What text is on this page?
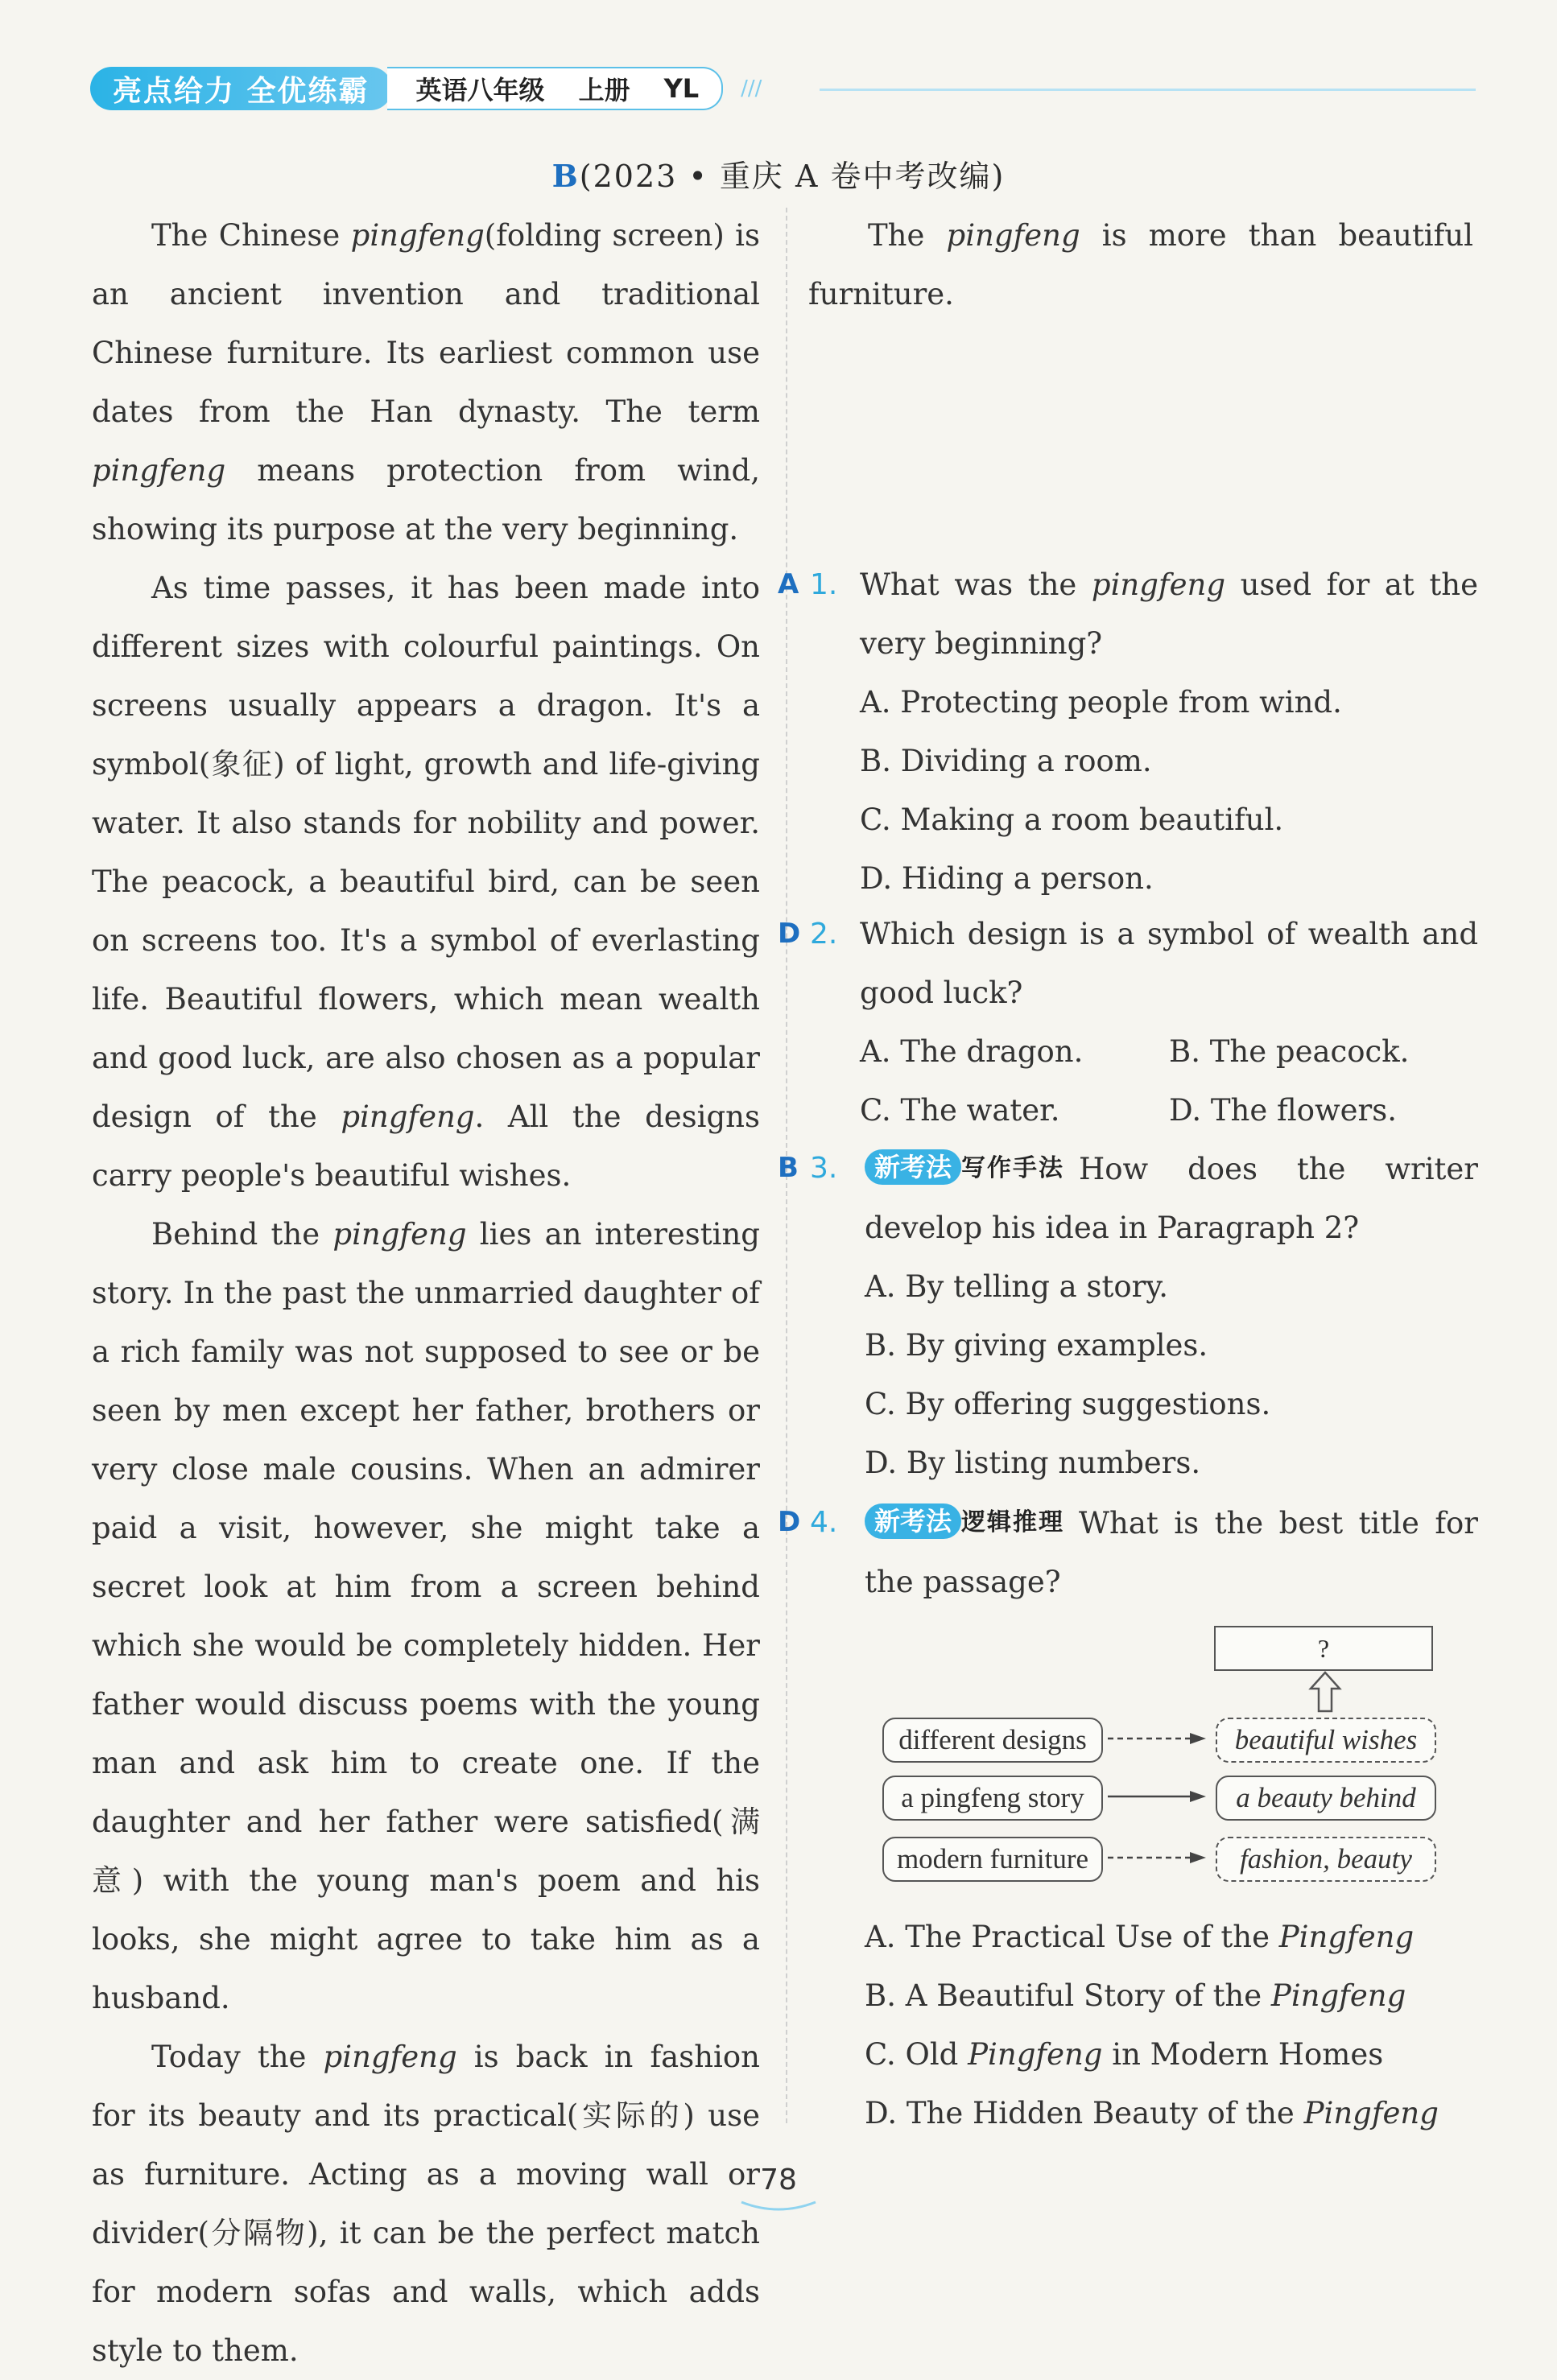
亮点给力 全优练霸	英语八年级 上册 YL ///
B(2023 • 重庆 A 卷中考改编)

The Chinese pingfeng(folding screen) is an ancient invention and traditional Chinese furniture. Its earliest common use dates from the Han dynasty. The term pingfeng means protection from wind, showing its purpose at the very beginning.

As time passes, it has been made into different sizes with colourful paintings. On screens usually appears a dragon. It's a symbol(象征) of light, growth and life-giving water. It also stands for nobility and power. The peacock, a beautiful bird, can be seen on screens too. It's a symbol of everlasting life. Beautiful flowers, which mean wealth and good luck, are also chosen as a popular design of the pingfeng. All the designs carry people's beautiful wishes.

Behind the pingfeng lies an interesting story. In the past the unmarried daughter of a rich family was not supposed to see or be seen by men except her father, brothers or very close male cousins. When an admirer paid a visit, however, she might take a secret look at him from a screen behind which she would be completely hidden. Her father would discuss poems with the young man and ask him to create one. If the daughter and her father were satisfied(满意) with the young man's poem and his looks, she might agree to take him as a husband.

Today the pingfeng is back in fashion for its beauty and its practical(实际的) use as furniture. Acting as a moving wall or divider(分隔物), it can be the perfect match for modern sofas and walls, which adds style to them.

The pingfeng is more than beautiful furniture.

A 1. What was the pingfeng used for at the very beginning?

A. Protecting people from wind.
B. Dividing a room.
C. Making a room beautiful.
D. Hiding a person.
D 2. Which design is a symbol of wealth and good luck?

A. The dragon.	B. The peacock.
C. The water.	D. The flowers.
B 3.	新考法 写作手法 How does the writer develop his idea in Paragraph 2?

A. By telling a story.
B. By giving examples.
C. By offering suggestions.
D. By listing numbers.
D 4.	新考法 逻辑推理 What is the best title for the passage?

?
different designs	beautiful wishes
a pingfeng story	a beauty behind
modern furniture	fashion, beauty
A. The Practical Use of the Pingfeng
B. A Beautiful Story of the Pingfeng
C. Old Pingfeng in Modern Homes
D. The Hidden Beauty of the Pingfeng
78
